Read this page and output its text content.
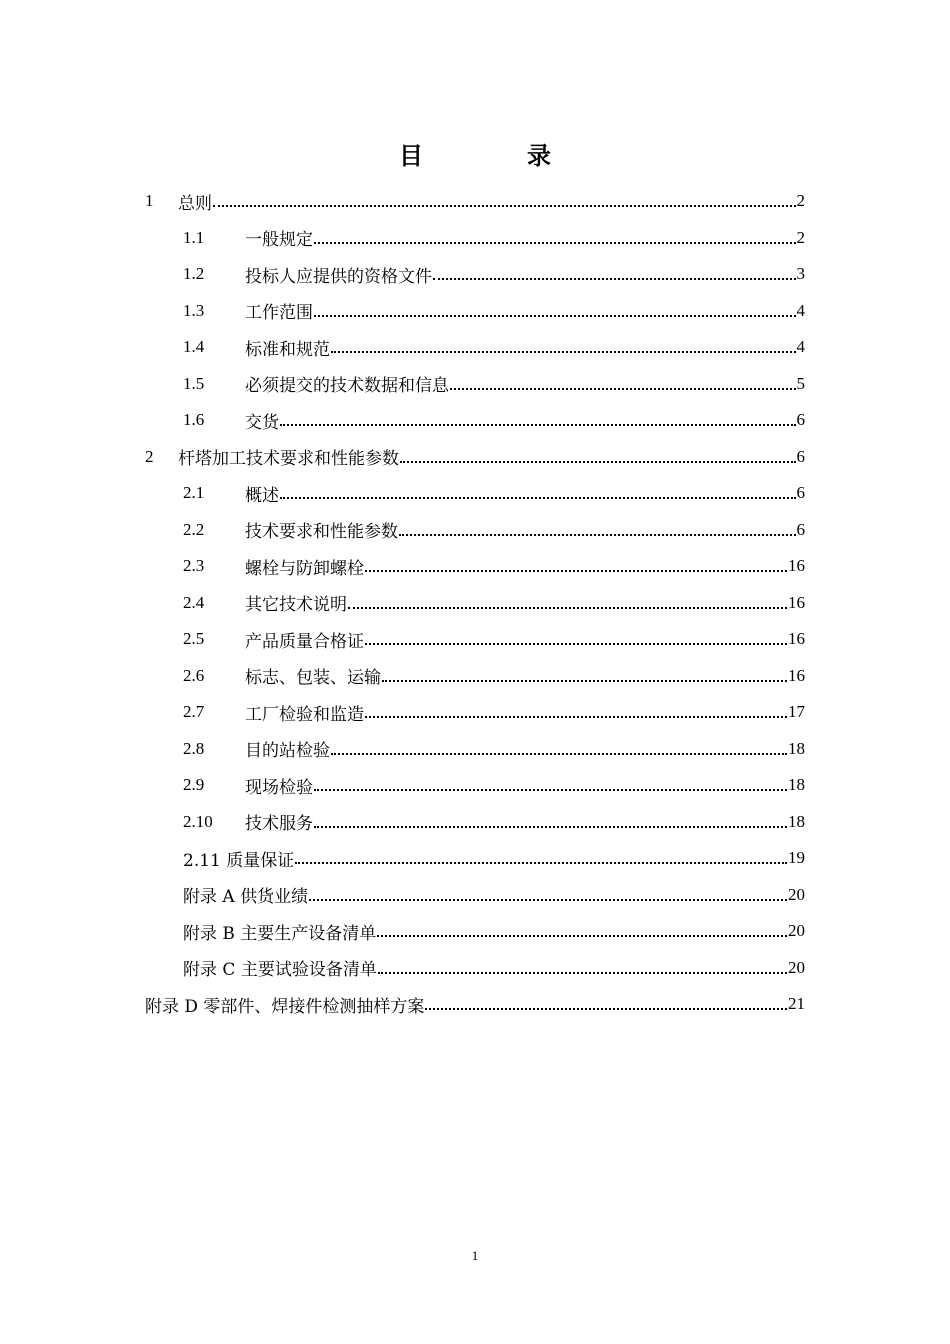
目　录
1	总则	2
1.1	一般规定	2
1.2	投标人应提供的资格文件	3
1.3	工作范围	4
1.4	标准和规范	4
1.5	必须提交的技术数据和信息	5
1.6	交货	6
2	杆塔加工技术要求和性能参数	6
2.1	概述	6
2.2	技术要求和性能参数	6
2.3	螺栓与防卸螺栓	16
2.4	其它技术说明	16
2.5	产品质量合格证	16
2.6	标志、包装、运输	16
2.7	工厂检验和监造	17
2.8	目的站检验	18
2.9	现场检验	18
2.10	技术服务	18
2.11 质量保证	19
附录 A 供货业绩	20
附录 B 主要生产设备清单	20
附录 C 主要试验设备清单	20
附录 D 零部件、焊接件检测抽样方案	21
1
